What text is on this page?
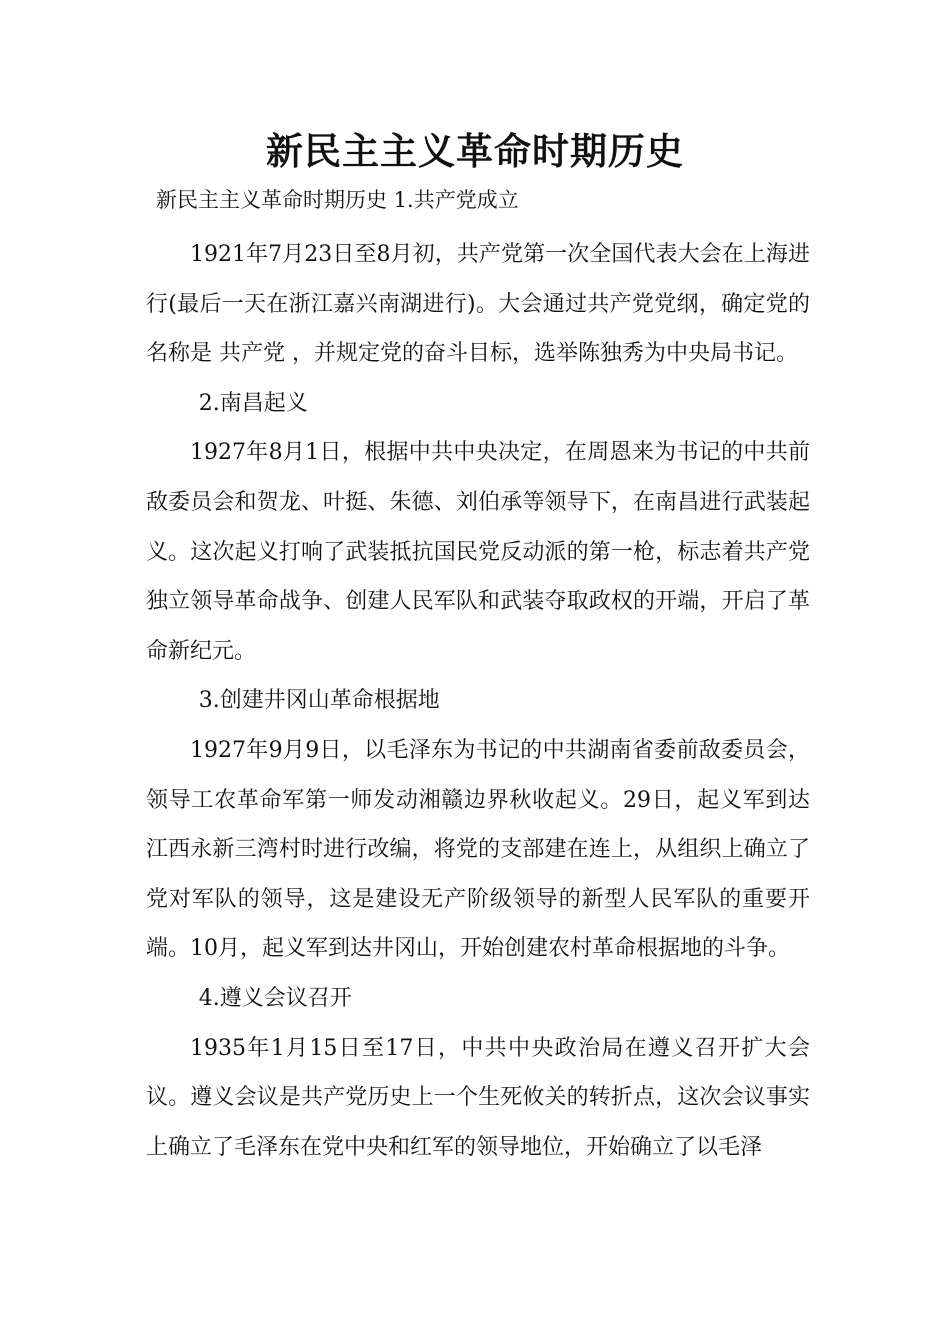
新民主主义革命时期历史

新民主主义革命时期历史 1.共产党成立

1921年7月23日至8月初，共产党第一次全国代表大会在上海进行(最后一天在浙江嘉兴南湖进行)。大会通过共产党党纲，确定党的名称是 共产党 ，并规定党的奋斗目标，选举陈独秀为中央局书记。

2.南昌起义

1927年8月1日，根据中共中央决定，在周恩来为书记的中共前敌委员会和贺龙、叶挺、朱德、刘伯承等领导下，在南昌进行武装起义。这次起义打响了武装抵抗国民党反动派的第一枪，标志着共产党独立领导革命战争、创建人民军队和武装夺取政权的开端，开启了革命新纪元。

3.创建井冈山革命根据地

1927年9月9日，以毛泽东为书记的中共湖南省委前敌委员会，领导工农革命军第一师发动湘赣边界秋收起义。29日，起义军到达江西永新三湾村时进行改编，将党的支部建在连上，从组织上确立了党对军队的领导，这是建设无产阶级领导的新型人民军队的重要开端。10月，起义军到达井冈山，开始创建农村革命根据地的斗争。

4.遵义会议召开

1935年1月15日至17日，中共中央政治局在遵义召开扩大会议。遵义会议是共产党历史上一个生死攸关的转折点，这次会议事实上确立了毛泽东在党中央和红军的领导地位，开始确立了以毛泽
